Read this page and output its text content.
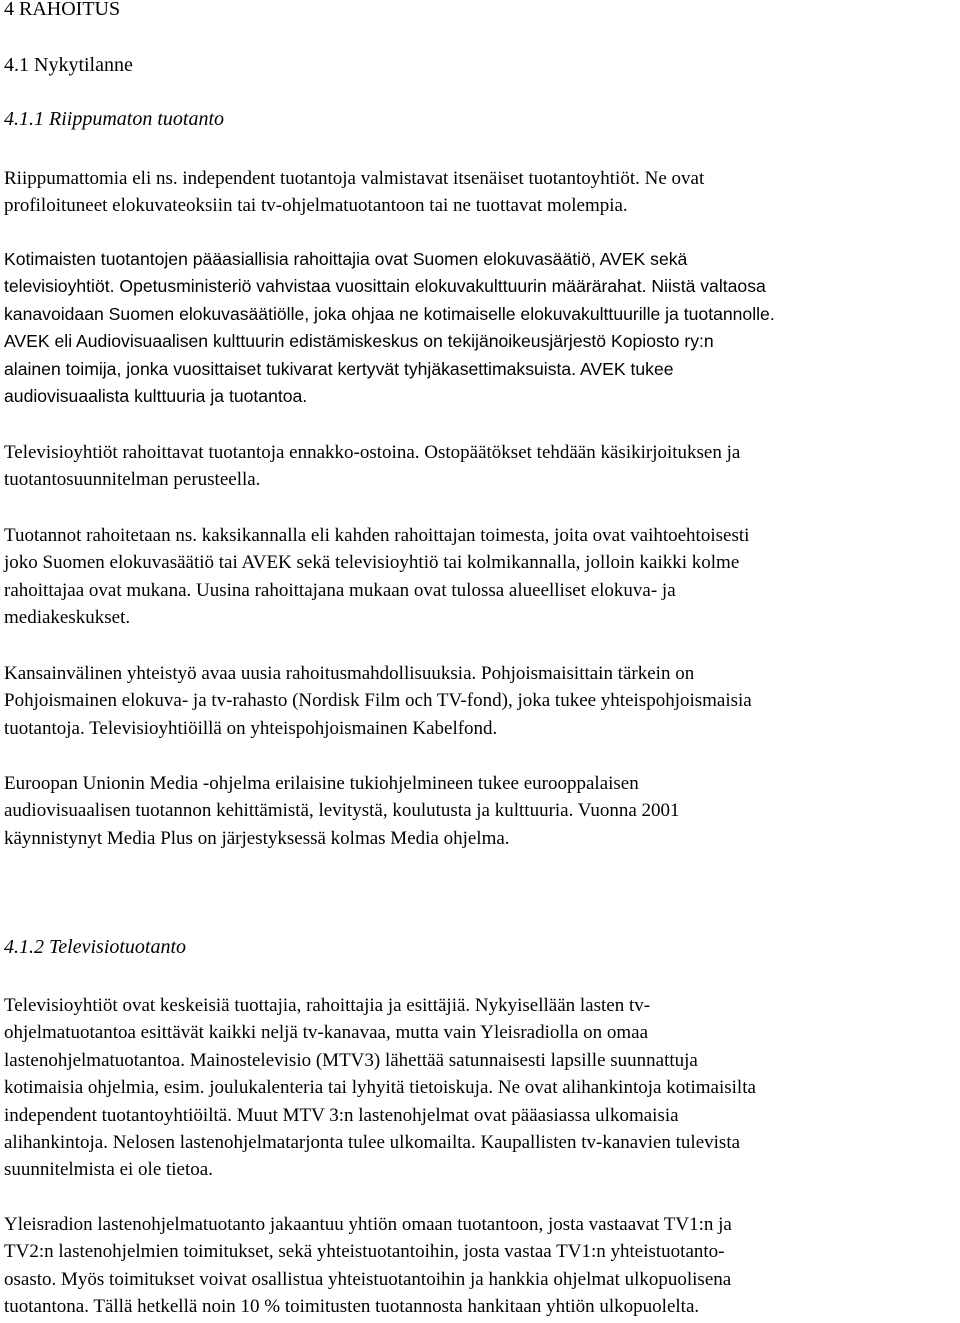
4 RAHOITUS
4.1 Nykytilanne
4.1.1 Riippumaton tuotanto
Riippumattomia eli ns. independent tuotantoja valmistavat itsenäiset tuotantoyhtiöt. Ne ovat
profiloituneet elokuvateoksiin tai tv-ohjelmatuotantoon tai ne tuottavat molempia.
Kotimaisten tuotantojen pääasiallisia rahoittajia ovat Suomen elokuvasäätiö, AVEK sekä
televisioyhtiöt. Opetusministeriö vahvistaa vuosittain elokuvakulttuurin määrärahat. Niistä valtaosa
kanavoidaan Suomen elokuvasäätiölle, joka ohjaa ne kotimaiselle elokuvakulttuurille ja tuotannolle.
AVEK eli Audiovisuaalisen kulttuurin edistämiskeskus on tekijänoikeusjärjestö Kopiosto ry:n
alainen toimija, jonka vuosittaiset tukivarat kertyvät tyhjäkasettimaksuista. AVEK tukee
audiovisuaalista kulttuuria ja tuotantoa.
Televisioyhtiöt rahoittavat tuotantoja ennakko-ostoina. Ostopäätökset tehdään käsikirjoituksen ja
tuotantosuunnitelman perusteella.
Tuotannot rahoitetaan ns. kaksikannalla eli kahden rahoittajan toimesta, joita ovat vaihtoehtoisesti
joko Suomen elokuvasäätiö tai AVEK sekä televisioyhtiö tai kolmikannalla, jolloin kaikki kolme
rahoittajaa ovat mukana. Uusina rahoittajana mukaan ovat tulossa alueelliset elokuva- ja
mediakeskukset.
Kansainvälinen yhteistyö avaa uusia rahoitusmahdollisuuksia. Pohjoismaisittain tärkein on
Pohjoismainen elokuva- ja tv-rahasto (Nordisk Film och TV-fond), joka tukee yhteispohjoismaisia
tuotantoja. Televisioyhtiöillä on yhteispohjoismainen Kabelfond.
Euroopan Unionin Media -ohjelma erilaisine tukiohjelmineen tukee eurooppalaisen
audiovisuaalisen tuotannon kehittämistä, levitystä, koulutusta ja kulttuuria. Vuonna 2001
käynnistynyt Media Plus on järjestyksessä kolmas Media ohjelma.
4.1.2 Televisiotuotanto
Televisioyhtiöt ovat keskeisiä tuottajia, rahoittajia ja esittäjiä. Nykyisellään lasten tv-
ohjelmatuotantoa esittävät kaikki neljä tv-kanavaa, mutta vain Yleisradiolla on omaa
lastenohjelmatuotantoa. Mainostelevisio (MTV3) lähettää satunnaisesti lapsille suunnattuja
kotimaisia ohjelmia, esim. joulukalenteria tai lyhyitä tietoiskuja. Ne ovat alihankintoja kotimaisilta
independent tuotantoyhtiöiltä. Muut MTV 3:n lastenohjelmat ovat pääasiassa ulkomaisia
alihankintoja. Nelosen lastenohjelmatarjonta tulee ulkomailta. Kaupallisten tv-kanavien tulevista
suunnitelmista ei ole tietoa.
Yleisradion lastenohjelmatuotanto jakaantuu yhtiön omaan tuotantoon, josta vastaavat TV1:n ja
TV2:n lastenohjelmien toimitukset, sekä yhteistuotantoihin, josta vastaa TV1:n yhteistuotanto-
osasto. Myös toimitukset voivat osallistua yhteistuotantoihin ja hankkia ohjelmat ulkopuolisena
tuotantona. Tällä hetkellä noin 10 % toimitusten tuotannosta hankitaan yhtiön ulkopuolelta.
